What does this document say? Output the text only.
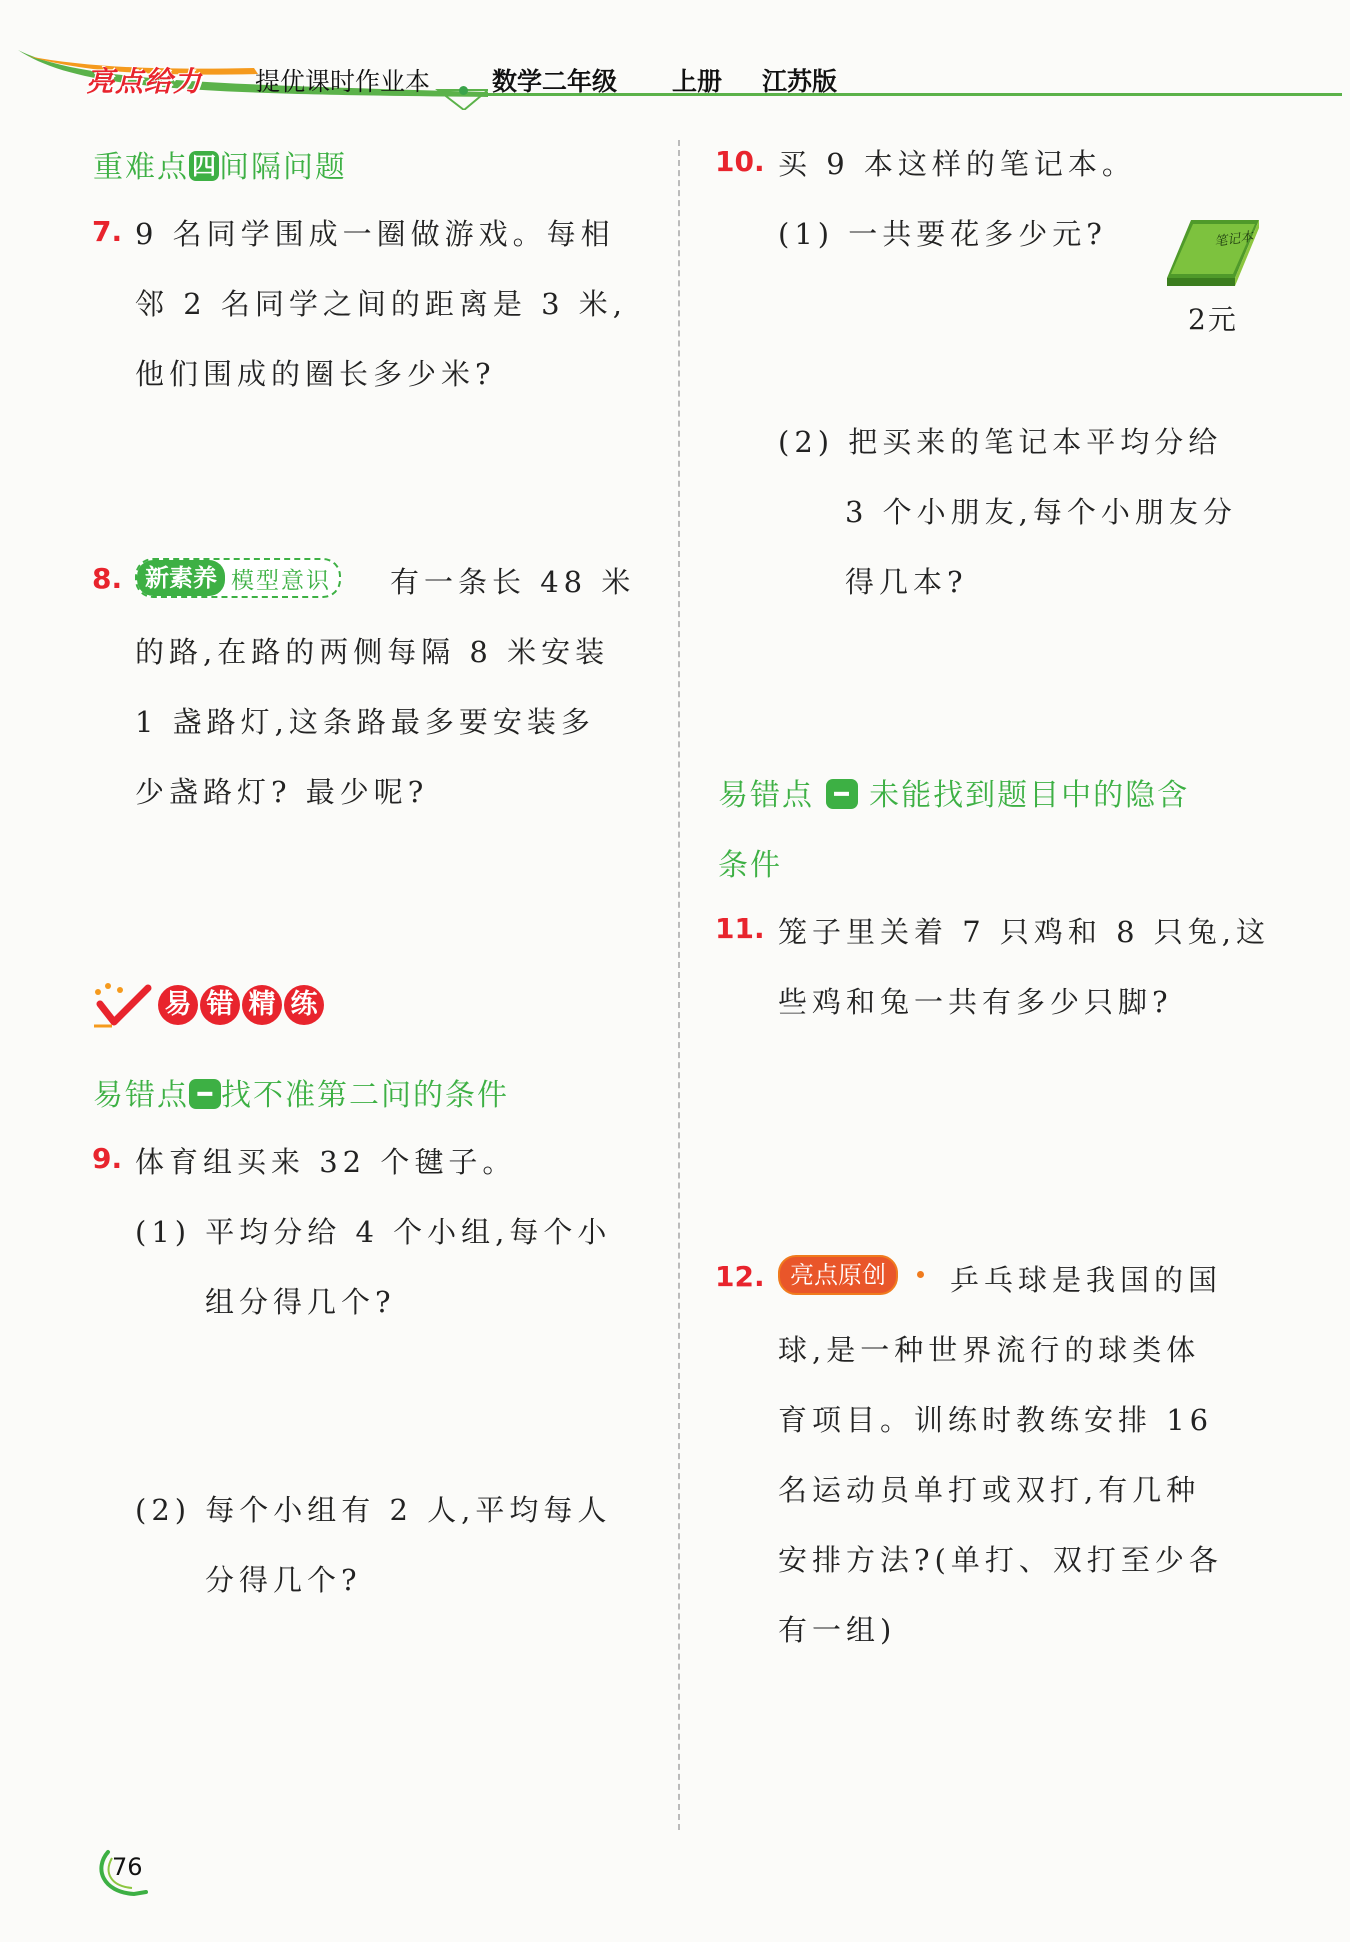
亮点给力 提优课时作业本 数学二年级 上册 江苏版
重难点 四 间隔问题
7. 9 名同学围成一圈做游戏。每相
邻 2 名同学之间的距离是 3 米,
他们围成的圈长多少米?
8. 新素养 模型意识 有一条长 48 米
的路,在路的两侧每隔 8 米安装
1 盏路灯,这条路最多要安装多
少盏路灯? 最少呢?
易 错 精 练
易错点 ━ 找不准第二问的条件
9. 体育组买来 32 个毽子。
(1) 平均分给 4 个小组,每个小
组分得几个?
(2) 每个小组有 2 人,平均每人
分得几个?
10. 买 9 本这样的笔记本。
(1) 一共要花多少元?	笔记本
2元
(2) 把买来的笔记本平均分给
3 个小朋友,每个小朋友分
得几本?
易错点 ━ 未能找到题目中的隐含
条件
11. 笼子里关着 7 只鸡和 8 只兔,这
些鸡和兔一共有多少只脚?
12.	亮点原创	乒乓球是我国的国
球,是一种世界流行的球类体
育项目。训练时教练安排 16
名运动员单打或双打,有几种
安排方法?(单打、双打至少各
有一组)
76
